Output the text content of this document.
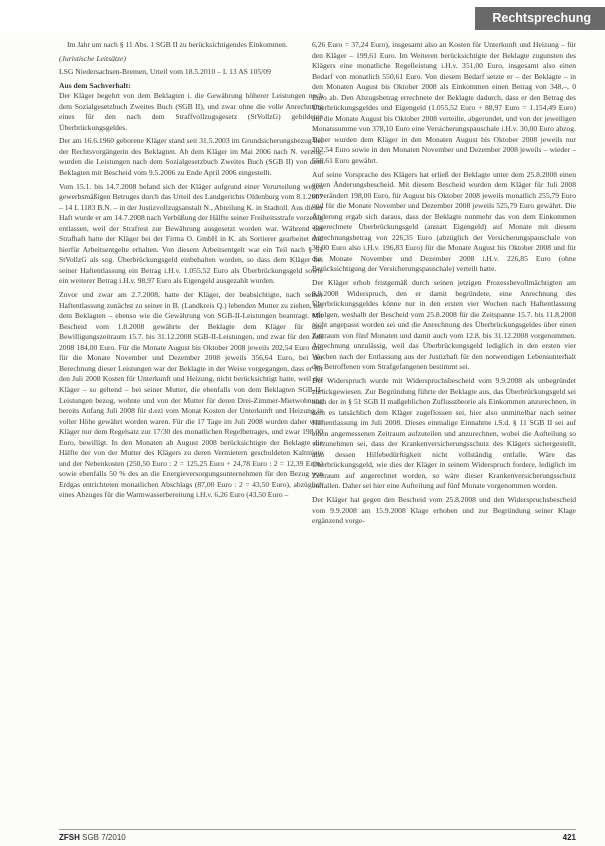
Rechtsprechung

Im Jahr um nach § 11 Abs. 1 SGB II zu berücksichtigendes Einkommen.

(Juristische Leitsätze)

LSG Niedersachsen-Bremen, Urteil vom 18.5.2010 – L 13 AS 105/09

Aus dem Sachverhalt:

Der Kläger begehrt von dem Beklagten i. die Gewährung höherer Leistungen nach dem Sozialgesetzbuch Zweites Buch (SGB II), und zwar ohne die volle Anrechnung eines für den nach dem Straffvollzugsgesetz (StVollzG) gebildeten Überbrückungsgeldes.

Der am 16.6.1960 geborene Kläger stand seit 31.5.2003 im Grundsicherungsbezug bei der Rechtsvorgängerin des Beklagten. Ab dem Kläger im Mai 2006 nach N. verzog, wurden die Leistungen nach dem Sozialgesetzbuch Zweites Buch (SGB II) von dem Beklagten mit Bescheid vom 9.5.2006 zu Ende April 2006 eingestellt.

Vom 15.1. bis 14.7.2008 befand sich der Kläger aufgrund einer Verurteilung wegen gewerbsmäßigen Betruges durch das Urteil des Landgerichts Oldenburg vom 8.1.2007 – 14 L 1183 B.N. – in der Justizvollzugsanstalt N., Abteilung K. in Stadtoll. Aus dieser Haft wurde er am 14.7.2008 nach Verbüßung der Hälfte seiner Freiheitsstrafe vorzeitig entlassen, weil der Strafrest zur Bewährung ausgesetzt worden war. Während der Strafhaft hatte der Kläger bei der Firma O. GmbH in K. als Sortierer gearbeitet und hierfür Arbeitsentgelte erhalten. Von diesem Arbeitsentgelt war ein Teil nach § 51 StVollzG als sog. Überbrückungsgeld einbehalten worden, so dass dem Kläger bei seiner Haftentlassung ein Betrag i.H.v. 1.055,52 Euro als Überbrückungsgeld sowie ein weiterer Betrag i.H.v. 98,97 Euro als Eigengeld ausgezahlt wurden.

Zuvor und zwar am 2.7.2008, hatte der Kläger, der beabsichtigte, nach seiner Haftentlassung zunächst zu seiner in B. (Landkreis Q.) lebenden Mutter zu ziehen, bei dem Beklagten – ebenso wie die Gewährung von SGB-II-Leistungen beantragt. Mit Bescheid vom 1.8.2008 gewährte der Beklagte dem Kläger für den Bewilligungszeitraum 15.7. bis 31.12.2008 SGB-II-Leistungen, und zwar für den Juli 2008 184,00 Euro. Für die Monate August bis Oktober 2008 jeweils 202,54 Euro und für die Monate November und Dezember 2008 jeweils 356,64 Euro, bei der Berechnung dieser Leistungen war der Beklagte in der Weise vorgegangen, dass er für den Juli 2008 Kosten für Unterkunft und Heizung, nicht berücksichtigt hatte, weil der Kläger – so geltend – bei seiner Mutter, die ebenfalls von dem Beklagten SGB-II-Leistungen bezog, wohnte und von der Mutter für deren Drei-Zimmer-Mietwohnung bereits Anfang Juli 2008 für d.ezi vom Monat Kosten der Unterkunft und Heizung in voller Höhe gewährt worden waren. Für die 17 Tage im Juli 2008 wurden daher vom Kläger nur dem Regelsatz zur 17/30 des monatlichen Regelbetrages, und zwar 198,00 Euro, bewilligt. In den Monaten ab August 2008 berücksichtigte der Beklagte die Hälfte der von der Mutter des Klägers zu deren Vermietern geschuldeten Kaltmiete und der Nebenkosten (250,50 Euro : 2 = 125,25 Euro + 24,78 Euro : 2 = 12,39 Euro) sowie ebenfalls 50 % des an die Energieversorgungsunternehmen für den Bezug von Erdgas entrichteten monatlichen Abschlags (87,00 Euro : 2 = 43,50 Euro), abzüglich eines Abzuges für die Warmwasserbereitung i.H.v. 6,26 Euro (43,50 Euro –

6,26 Euro = 37,24 Euro), insgesamt also an Kosten für Unterkunft und Heizung – für den Kläger – 199,61 Euro. Im Weiteren berücksichtigte der Beklagte zugunsten des Klägers eine monatliche Regelleistung i.H.v. 351,00 Euro, insgesamt also einen Bedarf von monatlich 550,61 Euro. Von diesem Bedarf setzte er – der Beklagte – in den Monaten August bis Oktober 2008 als Einkommen einen Betrag von 348,–, 0 Euro ab. Den Abzugsbetrag errechnete der Beklagte dadurch, dass er den Betrag des Überbrückungsgeldes und Eigengeld (1.055,52 Euro + 88,97 Euro = 1.154,49 Euro) auf die Monate August bis Oktober 2008 verteilte, abgerundet, und von der jeweiligen Monatssumme von 378,10 Euro eine Versicherungspauschale i.H.v. 30,00 Euro abzog. Daher wurden dem Kläger in den Monaten August bis Oktober 2008 jeweils nur 202,54 Euro sowie in den Monaten November und Dezember 2008 jeweils – wieder – 550,61 Euro gewährt.

Auf seine Vorsprache des Klägers hat erließ der Beklagte unter dem 25.8.2008 einen ersten Änderungsbescheid. Mit diesem Bescheid wurden dem Kläger für Juli 2008 unverändert 198,00 Euro, für August bis Oktober 2008 jeweils monatlich 255,79 Euro und für die Monate November und Dezember 2008 jeweils 525,79 Euro gewährt. Die Änderung ergab sich daraus, dass der Beklagte nunmehr das von dem Einkommen angerechnete Überbrückungsgeld (anstatt Eigengeld) auf Monate mit diesem Anrechnungsbetrag von 226,35 Euro (abzüglich der Versicherungspauschale von 30,00 Euro also i.H.v. 196,83 Euro) für die Monate August bis Oktober 2008 und für die Monate November und Dezember 2008 i.H.v. 226,85 Euro (ohne Berücksichtigung der Versicherungspauschale) verteilt hatte.

Der Kläger erhob fristgemäß durch seinen jetzigen Prozessbevollmächtigten am 8.9.2008 Widerspruch, den er damit begründete, eine Anrechnung des Überbrückungsgeldes könne nur in den ersten vier Wochen nach Haftentlassung erfolgen, weshalb der Bescheid vom 25.8.2008 für die Zeitspanne 15.7. bis 11.8.2008 nicht angepasst worden sei und die Anrechnung des Überbrückungsgeldes über einen Zeitraum von fünf Monaten und damit auch vom 12.8. bis 31.12.2008 vorgenommen. Anrechnung unzulässig, weil das Überbrückungsgeld lediglich in den ersten vier Wochen nach der Entlassung aus der Justizhaft für den notwendigen Lebensunterhalt des Betroffenen vom Strafgefangenen bestimmt sei.

Der Widerspruch wurde mit Widerspruchsbescheid vom 9.9.2008 als unbegründet zurückgewiesen. Zur Begründung führte der Beklagte aus, das Überbrückungsgeld sei nach der in § 51 SGB II maßgeblichen Zuflusstheorie als Einkommen anzurechnen, in dem es tatsächlich dem Kläger zugeflossen sei, hier also unmittelbar nach seiner Haftentlassung im Juli 2008. Dieses einmalige Einnahme i.S.d. § 11 SGB II sei auf einen angemessenen Zeitraum aufzuteilen und anzurechnen, wobei die Aufteilung so vorzunehmen sei, dass der Krankenversicherungsschutz des Klägers sichergestellt, also dessen Hilfebedürftigkeit nicht vollständig entfalle. Wäre das Überbrückungsgeld, wie dies der Kläger in seinem Widerspruch fordere, lediglich im Zeitraum auf angerechnet worden, so wäre dieser Krankenversicherungsschutz entfallen. Daher sei hier eine Aufteilung auf fünf Monate vorgenommen worden.

Der Kläger hat gegen den Bescheid vom 25.8.2008 und den Widerspruchsbescheid vom 9.9.2008 am 15.9.2008 Klage erhoben und zur Begründung seiner Klage ergänzend vorge-

ZFSH SGB 7/2010	421
